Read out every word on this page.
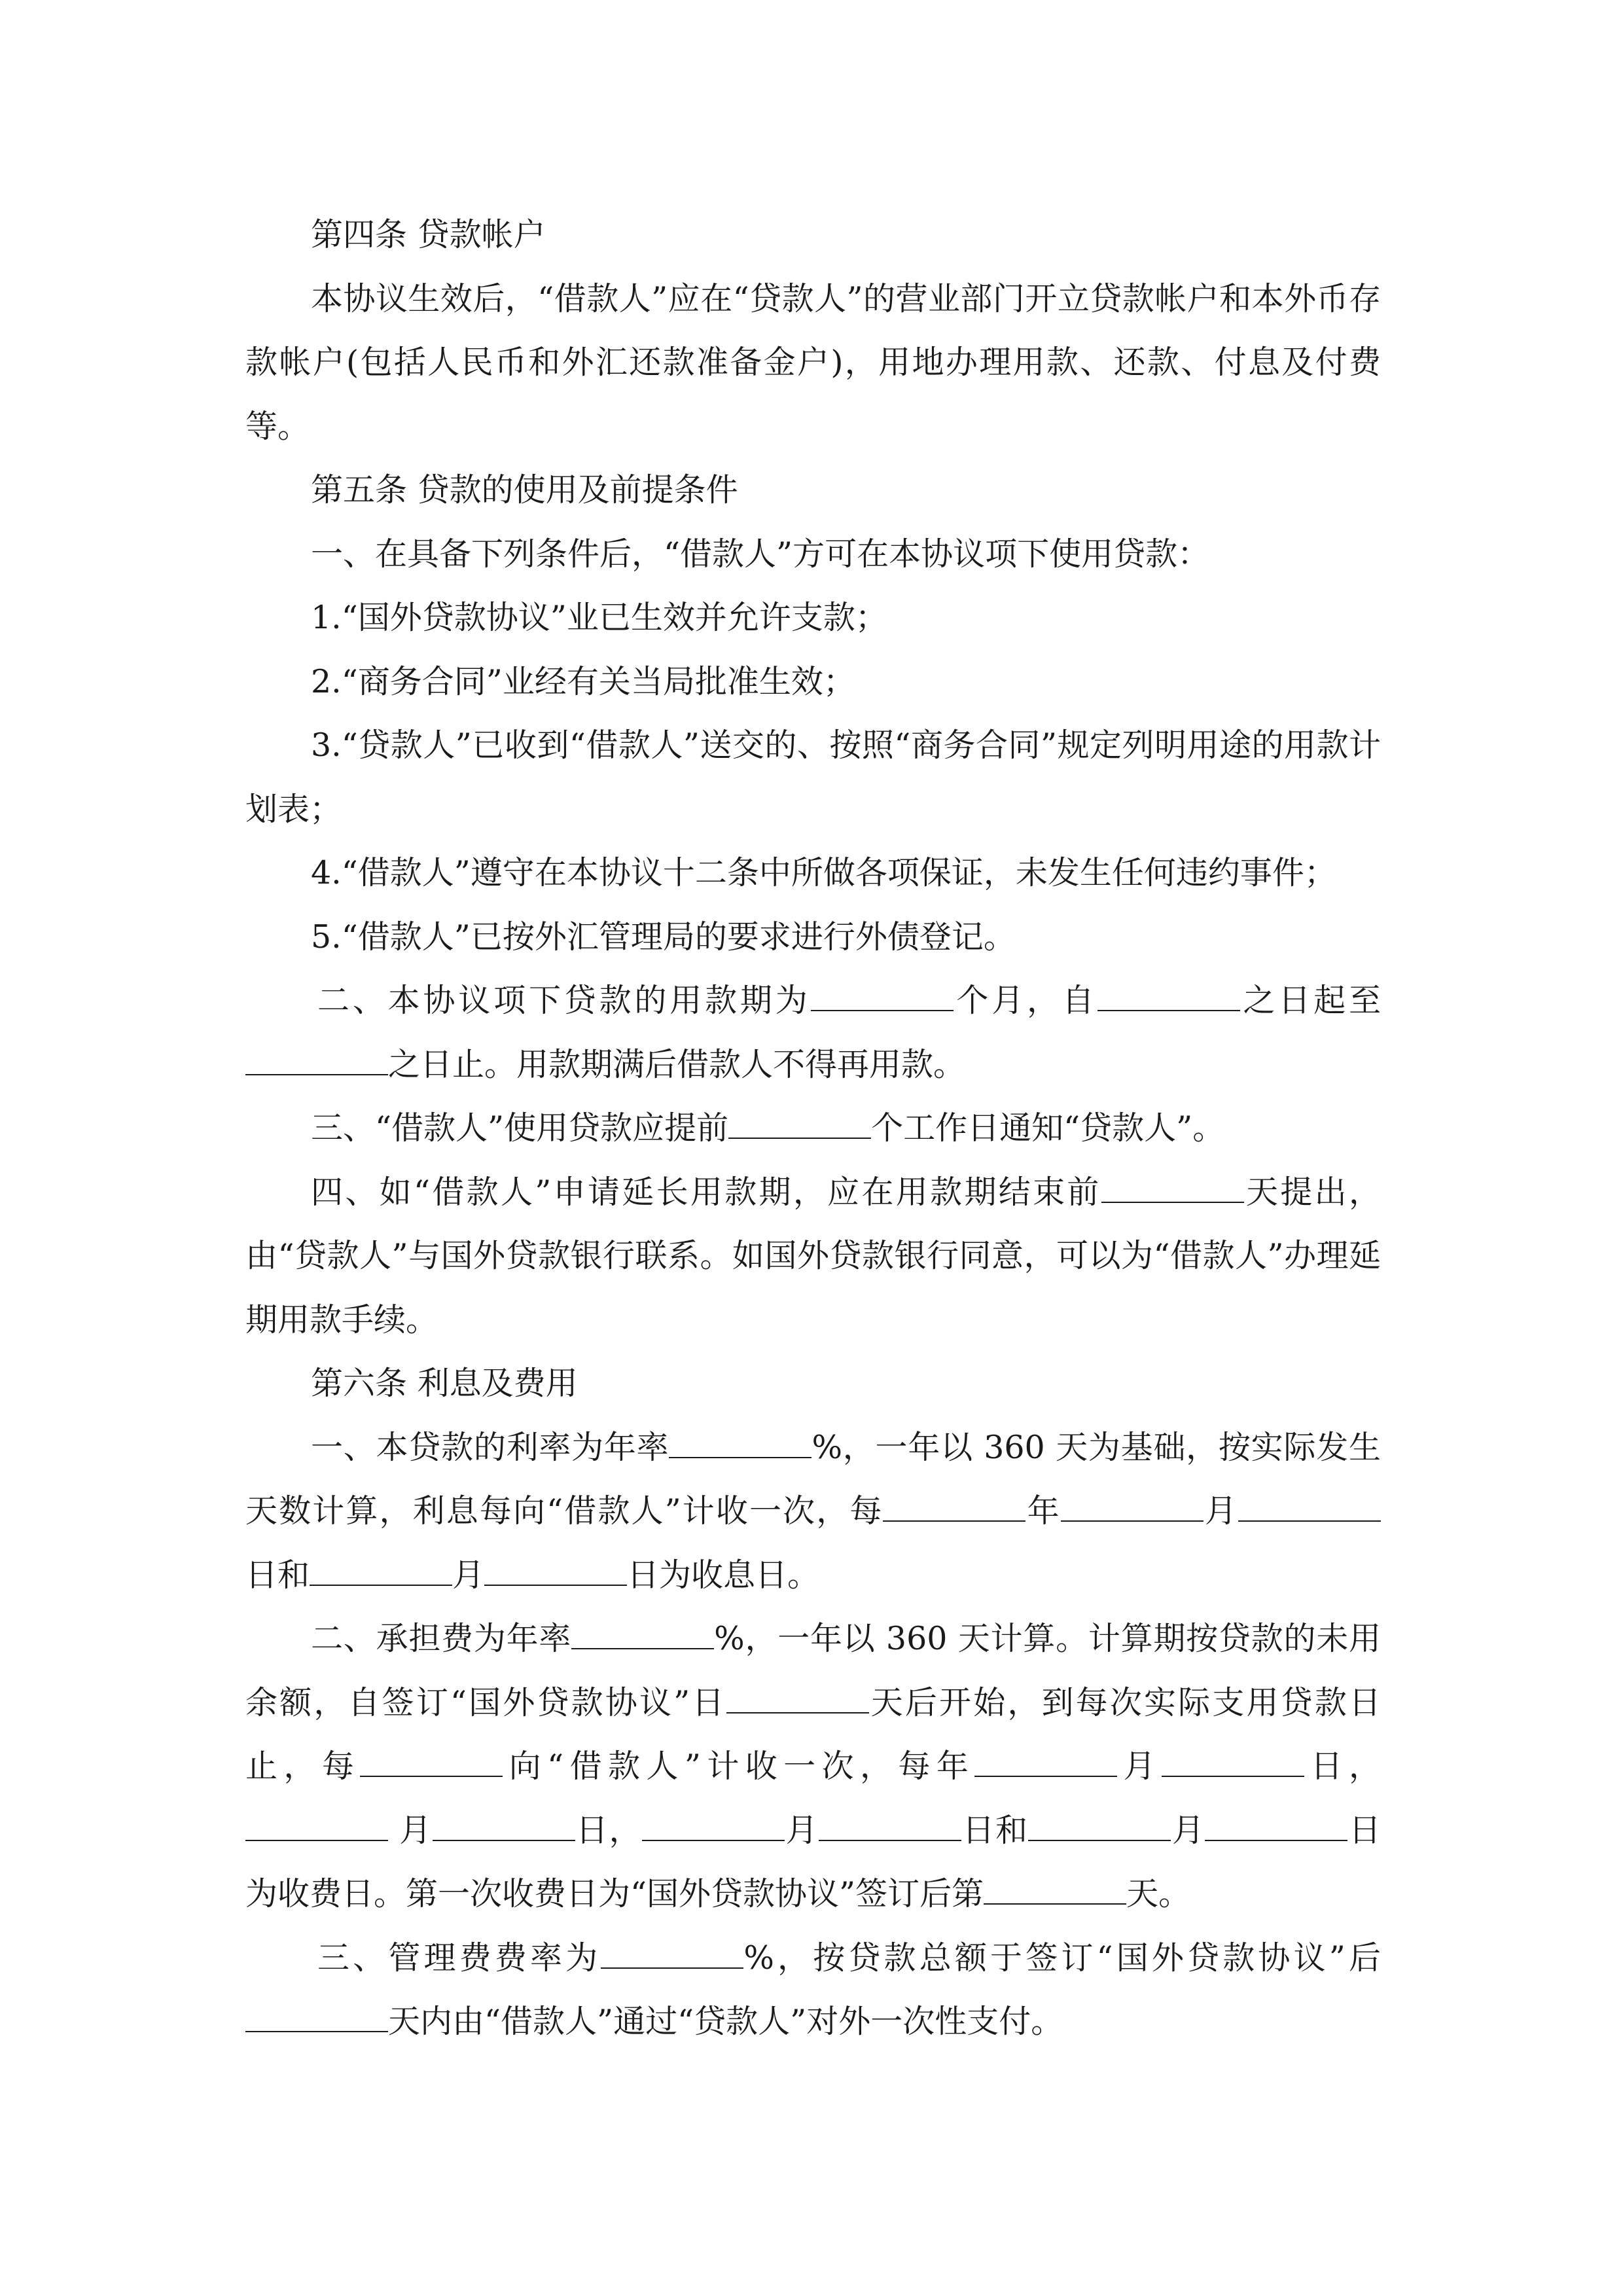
第四条 贷款帐户

本协议生效后，“借款人”应在“贷款人”的营业部门开立贷款帐户和本外币存款帐户(包括人民币和外汇还款准备金户)，用地办理用款、还款、付息及付费等。

第五条 贷款的使用及前提条件

一、在具备下列条件后，“借款人”方可在本协议项下使用贷款：

1.“国外贷款协议”业已生效并允许支款；

2.“商务合同”业经有关当局批准生效；

3.“贷款人”已收到“借款人”送交的、按照“商务合同”规定列明用途的用款计划表；

4.“借款人”遵守在本协议十二条中所做各项保证，未发生任何违约事件；

5.“借款人”已按外汇管理局的要求进行外债登记。

二、本协议项下贷款的用款期为	个月，自	之日起至 之日止。用款期满后借款人不得再用款。

三、“借款人”使用贷款应提前	个工作日通知“贷款人”。

四、如“借款人”申请延长用款期，应在用款期结束前	天提出，由“贷款人”与国外贷款银行联系。如国外贷款银行同意，可以为“借款人”办理延期用款手续。

第六条 利息及费用

一、本贷款的利率为年率	%，一年以 360 天为基础，按实际发生天数计算，利息每向“借款人”计收一次，每	年	月 日和	月	日为收息日。

二、承担费为年率	%，一年以 360 天计算。计算期按贷款的未用余额，自签订“国外贷款协议”日	天后开始，到每次实际支用贷款日止，每	向“借款人”计收一次，每年	月	日， 月	日，	月	日和	月	日为收费日。第一次收费日为“国外贷款协议”签订后第	天。

三、管理费费率为	%，按贷款总额于签订“国外贷款协议”后 天内由“借款人”通过“贷款人”对外一次性支付。
